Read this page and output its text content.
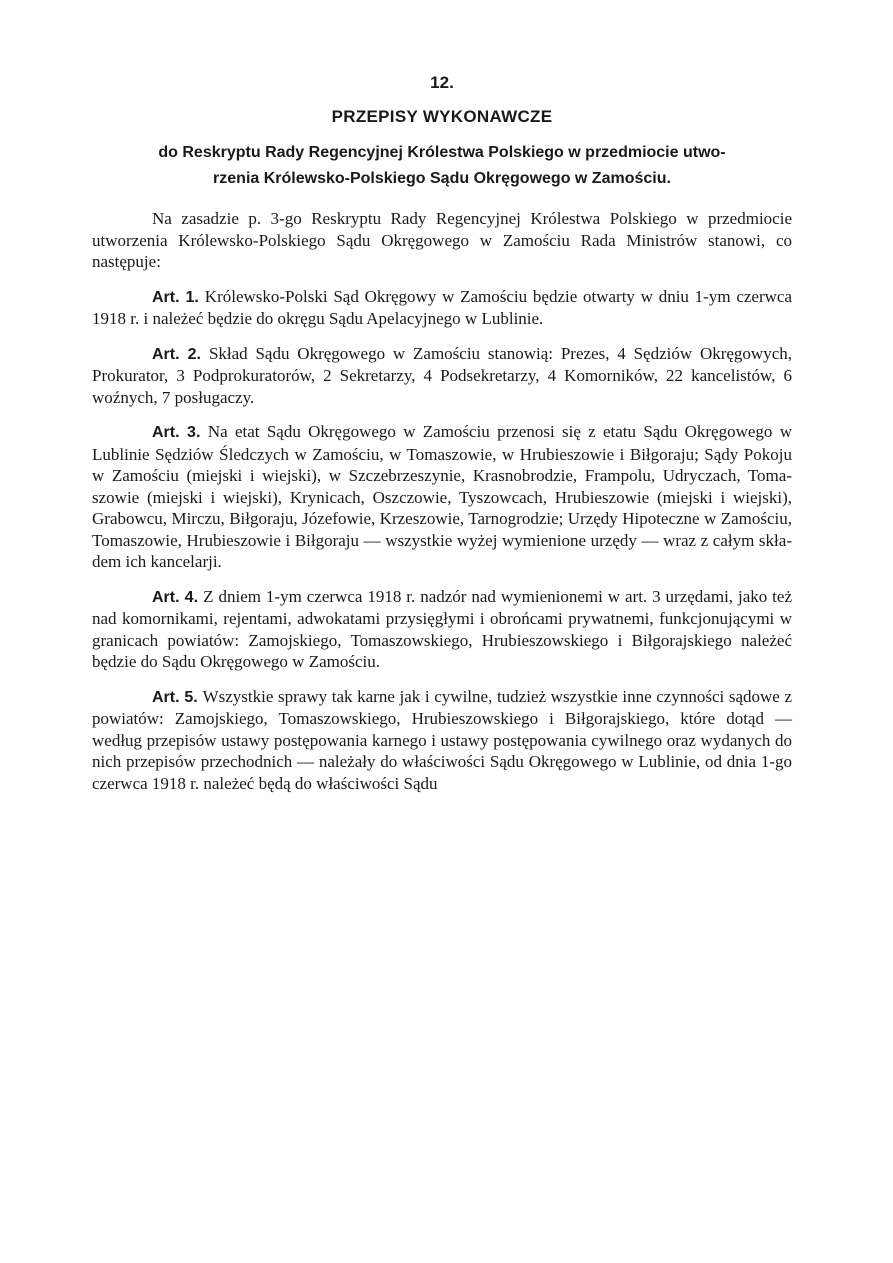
12.

PRZEPISY WYKONAWCZE

do Reskryptu Rady Regencyjnej Królestwa Polskiego w przedmiocie utwo-
rzenia Królewsko-Polskiego Sądu Okręgowego w Zamościu.

Na zasadzie p. 3-go Reskryptu Rady Regencyjnej Królestwa Polskiego w przedmiocie utworzenia Królewsko-Polskiego Sądu Okręgowego w Zamościu Rada Ministrów stanowi, co następuje:

Art. 1. Królewsko-Polski Sąd Okręgowy w Zamościu będzie otwarty w dniu 1-ym czerwca 1918 r. i należeć będzie do okręgu Sądu Apelacyjnego w Lublinie.

Art. 2. Skład Sądu Okręgowego w Zamościu stanowią: Prezes, 4 Sędziów Okręgowych, Prokurator, 3 Podprokuratorów, 2 Sekretarzy, 4 Podsekretarzy, 4 Komorników, 22 kancelistów, 6 woźnych, 7 posługaczy.

Art. 3. Na etat Sądu Okręgowego w Zamościu przenosi się z etatu Sądu Okręgowego w Lublinie Sędziów Śledczych w Zamościu, w Tomaszowie, w Hrubieszowie i Biłgoraju; Sądy Pokoju w Zamościu (miejski i wiejski), w Szczebrzeszynie, Krasnobrodzie, Frampolu, Udryczach, Tomaszowie (miejski i wiejski), Krynicach, Oszczowie, Tyszowcach, Hrubieszowie (miejski i wiejski), Grabowcu, Mirczu, Biłgoraju, Józefowie, Krzeszowie, Tarnogrodzie; Urzędy Hipoteczne w Zamościu, Tomaszowie, Hrubieszowie i Biłgoraju — wszystkie wyżej wymienione urzędy — wraz z całym składem ich kancelarji.

Art. 4. Z dniem 1-ym czerwca 1918 r. nadzór nad wymienionemi w art. 3 urzędami, jako też nad komornikami, rejentami, adwokatami przysięgłymi i obrońcami prywatnemi, funkcjonującymi w granicach powiatów: Zamojskiego, Tomaszowskiego, Hrubieszowskiego i Biłgorajskiego należeć będzie do Sądu Okręgowego w Zamościu.

Art. 5. Wszystkie sprawy tak karne jak i cywilne, tudzież wszystkie inne czynności sądowe z powiatów: Zamojskiego, Tomaszowskiego, Hrubieszowskiego i Biłgorajskiego, które dotąd — według przepisów ustawy postępowania karnego i ustawy postępowania cywilnego oraz wydanych do nich przepisów przechodnich — należały do właściwości Sądu Okręgowego w Lublinie, od dnia 1-go czerwca 1918 r. należeć będą do właściwości Sądu
